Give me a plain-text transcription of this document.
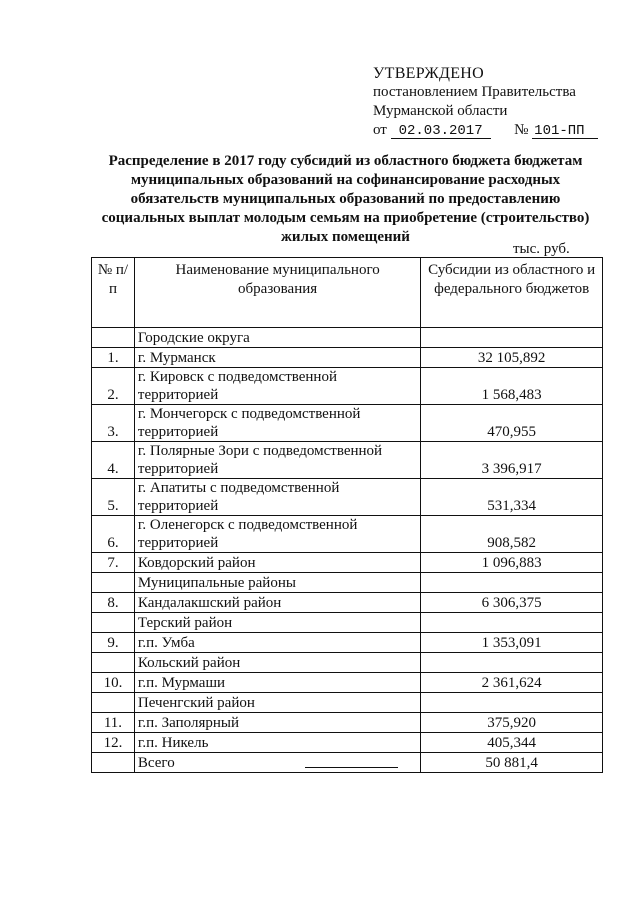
УТВЕРЖДЕНО
постановлением Правительства
Мурманской области
от 02.03.2017 № 101-ПП
Распределение в 2017 году субсидий из областного бюджета бюджетам муниципальных образований на софинансирование расходных обязательств муниципальных образований по предоставлению социальных выплат молодым семьям на приобретение (строительство) жилых помещений
тыс. руб.
№ п/п	Наименование муниципального образования	Субсидии из областного и федерального бюджетов
	Городские округа	
1.	г. Мурманск	32 105,892
2.	г. Кировск с подведомственной территорией	1 568,483
3.	г. Мончегорск с подведомственной территорией	470,955
4.	г. Полярные Зори с подведомственной территорией	3 396,917
5.	г. Апатиты с подведомственной территорией	531,334
6.	г. Оленегорск с подведомственной территорией	908,582
7.	Ковдорский район	1 096,883
	Муниципальные районы	
8.	Кандалакшский район	6 306,375
	Терский район	
9.	г.п. Умба	1 353,091
	Кольский район	
10.	г.п. Мурмаши	2 361,624
	Печенгский район	
11.	г.п. Заполярный	375,920
12.	г.п. Никель	405,344
	Всего	50 881,4
